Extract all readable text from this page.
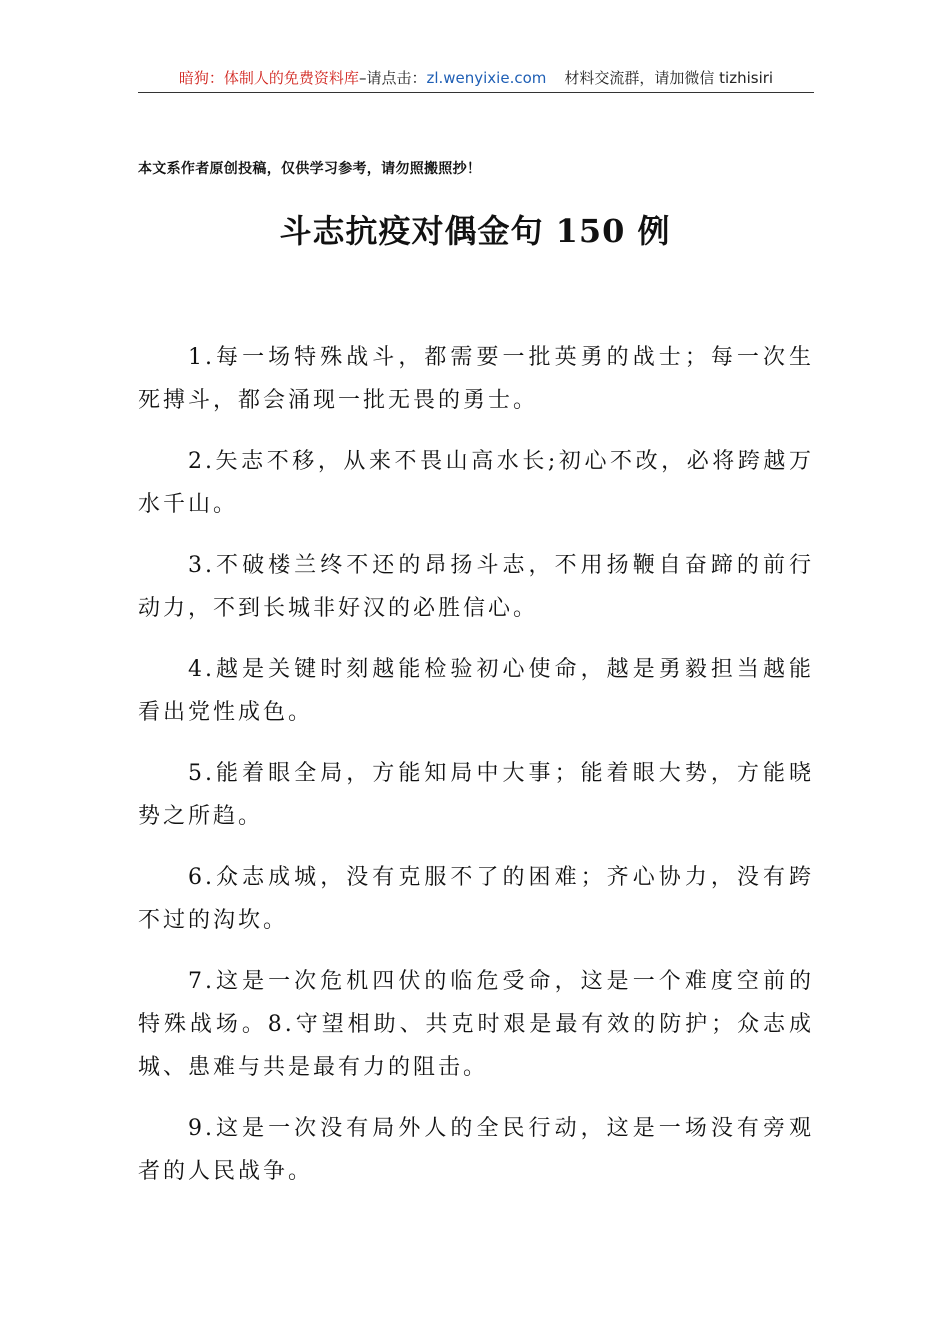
暗狗：体制人的免费资料库–请点击：zl.wenyixie.com 材料交流群，请加微信 tizhisiri
本文系作者原创投稿，仅供学习参考，请勿照搬照抄！
斗志抗疫对偶金句 150 例

1.每一场特殊战斗，都需要一批英勇的战士；每一次生死搏斗，都会涌现一批无畏的勇士。

2.矢志不移，从来不畏山高水长;初心不改，必将跨越万水千山。

3.不破楼兰终不还的昂扬斗志，不用扬鞭自奋蹄的前行动力，不到长城非好汉的必胜信心。

4.越是关键时刻越能检验初心使命，越是勇毅担当越能看出党性成色。

5.能着眼全局，方能知局中大事；能着眼大势，方能晓势之所趋。

6.众志成城，没有克服不了的困难；齐心协力，没有跨不过的沟坎。

7.这是一次危机四伏的临危受命，这是一个难度空前的特殊战场。8.守望相助、共克时艰是最有效的防护；众志成城、患难与共是最有力的阻击。

9.这是一次没有局外人的全民行动，这是一场没有旁观者的人民战争。
